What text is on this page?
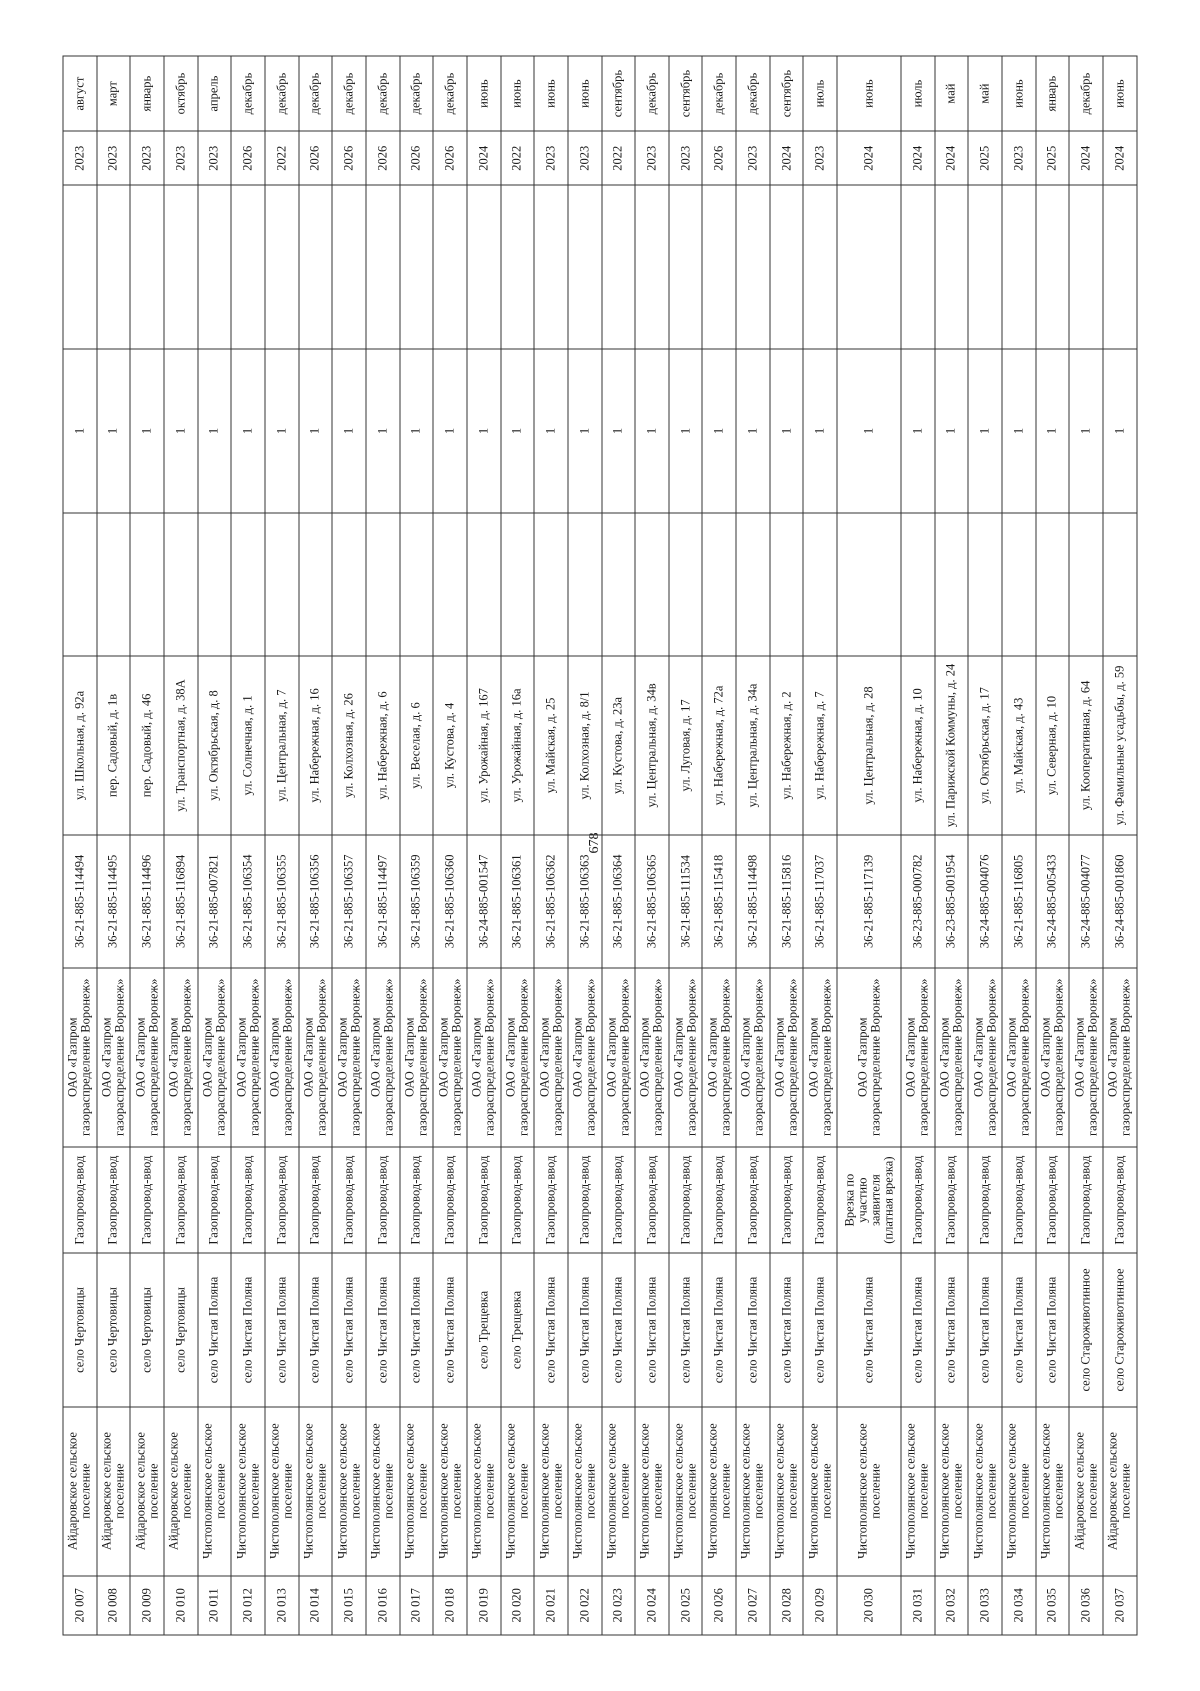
678
20 007	Айдаровское сельское поселение	село Чертовицы	Газопровод-ввод	ОАО «Газпром газораспределение Воронеж»	36-21-885-114494	ул. Школьная, д. 92а		1		2023	август
20 008	Айдаровское сельское поселение	село Чертовицы	Газопровод-ввод	ОАО «Газпром газораспределение Воронеж»	36-21-885-114495	пер. Садовый, д. 1в		1		2023	март
20 009	Айдаровское сельское поселение	село Чертовицы	Газопровод-ввод	ОАО «Газпром газораспределение Воронеж»	36-21-885-114496	пер. Садовый, д. 46		1		2023	январь
20 010	Айдаровское сельское поселение	село Чертовицы	Газопровод-ввод	ОАО «Газпром газораспределение Воронеж»	36-21-885-116894	ул. Транспортная, д. 38А		1		2023	октябрь
20 011	Чистополянское сельское поселение	село Чистая Поляна	Газопровод-ввод	ОАО «Газпром газораспределение Воронеж»	36-21-885-007821	ул. Октябрьская, д. 8		1		2023	апрель
20 012	Чистополянское сельское поселение	село Чистая Поляна	Газопровод-ввод	ОАО «Газпром газораспределение Воронеж»	36-21-885-106354	ул. Солнечная, д. 1		1		2026	декабрь
20 013	Чистополянское сельское поселение	село Чистая Поляна	Газопровод-ввод	ОАО «Газпром газораспределение Воронеж»	36-21-885-106355	ул. Центральная, д. 7		1		2022	декабрь
20 014	Чистополянское сельское поселение	село Чистая Поляна	Газопровод-ввод	ОАО «Газпром газораспределение Воронеж»	36-21-885-106356	ул. Набережная, д. 16		1		2026	декабрь
20 015	Чистополянское сельское поселение	село Чистая Поляна	Газопровод-ввод	ОАО «Газпром газораспределение Воронеж»	36-21-885-106357	ул. Колхозная, д. 26		1		2026	декабрь
20 016	Чистополянское сельское поселение	село Чистая Поляна	Газопровод-ввод	ОАО «Газпром газораспределение Воронеж»	36-21-885-114497	ул. Набережная, д. 6		1		2026	декабрь
20 017	Чистополянское сельское поселение	село Чистая Поляна	Газопровод-ввод	ОАО «Газпром газораспределение Воронеж»	36-21-885-106359	ул. Веселая, д. 6		1		2026	декабрь
20 018	Чистополянское сельское поселение	село Чистая Поляна	Газопровод-ввод	ОАО «Газпром газораспределение Воронеж»	36-21-885-106360	ул. Кустова, д. 4		1		2026	декабрь
20 019	Чистополянское сельское поселение	село Трещевка	Газопровод-ввод	ОАО «Газпром газораспределение Воронеж»	36-24-885-001547	ул. Урожайная, д. 167		1		2024	июнь
20 020	Чистополянское сельское поселение	село Трещевка	Газопровод-ввод	ОАО «Газпром газораспределение Воронеж»	36-21-885-106361	ул. Урожайная, д. 16а		1		2022	июнь
20 021	Чистополянское сельское поселение	село Чистая Поляна	Газопровод-ввод	ОАО «Газпром газораспределение Воронеж»	36-21-885-106362	ул. Майская, д. 25		1		2023	июнь
20 022	Чистополянское сельское поселение	село Чистая Поляна	Газопровод-ввод	ОАО «Газпром газораспределение Воронеж»	36-21-885-106363	ул. Колхозная, д. 8/1		1		2023	июнь
20 023	Чистополянское сельское поселение	село Чистая Поляна	Газопровод-ввод	ОАО «Газпром газораспределение Воронеж»	36-21-885-106364	ул. Кустова, д. 23а		1		2022	сентябрь
20 024	Чистополянское сельское поселение	село Чистая Поляна	Газопровод-ввод	ОАО «Газпром газораспределение Воронеж»	36-21-885-106365	ул. Центральная, д. 34в		1		2023	декабрь
20 025	Чистополянское сельское поселение	село Чистая Поляна	Газопровод-ввод	ОАО «Газпром газораспределение Воронеж»	36-21-885-111534	ул. Луговая, д. 17		1		2023	сентябрь
20 026	Чистополянское сельское поселение	село Чистая Поляна	Газопровод-ввод	ОАО «Газпром газораспределение Воронеж»	36-21-885-115418	ул. Набережная, д. 72а		1		2026	декабрь
20 027	Чистополянское сельское поселение	село Чистая Поляна	Газопровод-ввод	ОАО «Газпром газораспределение Воронеж»	36-21-885-114498	ул. Центральная, д. 34а		1		2023	декабрь
20 028	Чистополянское сельское поселение	село Чистая Поляна	Газопровод-ввод	ОАО «Газпром газораспределение Воронеж»	36-21-885-115816	ул. Набережная, д. 2		1		2024	сентябрь
20 029	Чистополянское сельское поселение	село Чистая Поляна	Газопровод-ввод	ОАО «Газпром газораспределение Воронеж»	36-21-885-117037	ул. Набережная, д. 7		1		2023	июль
20 030	Чистополянское сельское поселение	село Чистая Поляна	Врезка по участию заявителя (платная врезка)	ОАО «Газпром газораспределение Воронеж»	36-21-885-117139	ул. Центральная, д. 28		1		2024	июнь
20 031	Чистополянское сельское поселение	село Чистая Поляна	Газопровод-ввод	ОАО «Газпром газораспределение Воронеж»	36-23-885-000782	ул. Набережная, д. 10		1		2024	июль
20 032	Чистополянское сельское поселение	село Чистая Поляна	Газопровод-ввод	ОАО «Газпром газораспределение Воронеж»	36-23-885-001954	ул. Парижской Коммуны, д. 24		1		2024	май
20 033	Чистополянское сельское поселение	село Чистая Поляна	Газопровод-ввод	ОАО «Газпром газораспределение Воронеж»	36-24-885-004076	ул. Октябрьская, д. 17		1		2025	май
20 034	Чистополянское сельское поселение	село Чистая Поляна	Газопровод-ввод	ОАО «Газпром газораспределение Воронеж»	36-21-885-116805	ул. Майская, д. 43		1		2023	июнь
20 035	Чистополянское сельское поселение	село Чистая Поляна	Газопровод-ввод	ОАО «Газпром газораспределение Воронеж»	36-24-885-005433	ул. Северная, д. 10		1		2025	январь
20 036	Айдаровское сельское поселение	село Староживотинное	Газопровод-ввод	ОАО «Газпром газораспределение Воронеж»	36-24-885-004077	ул. Кооперативная, д. 64		1		2024	декабрь
20 037	Айдаровское сельское поселение	село Староживотинное	Газопровод-ввод	ОАО «Газпром газораспределение Воронеж»	36-24-885-001860	ул. Фамильные усадьбы, д. 59		1		2024	июнь
